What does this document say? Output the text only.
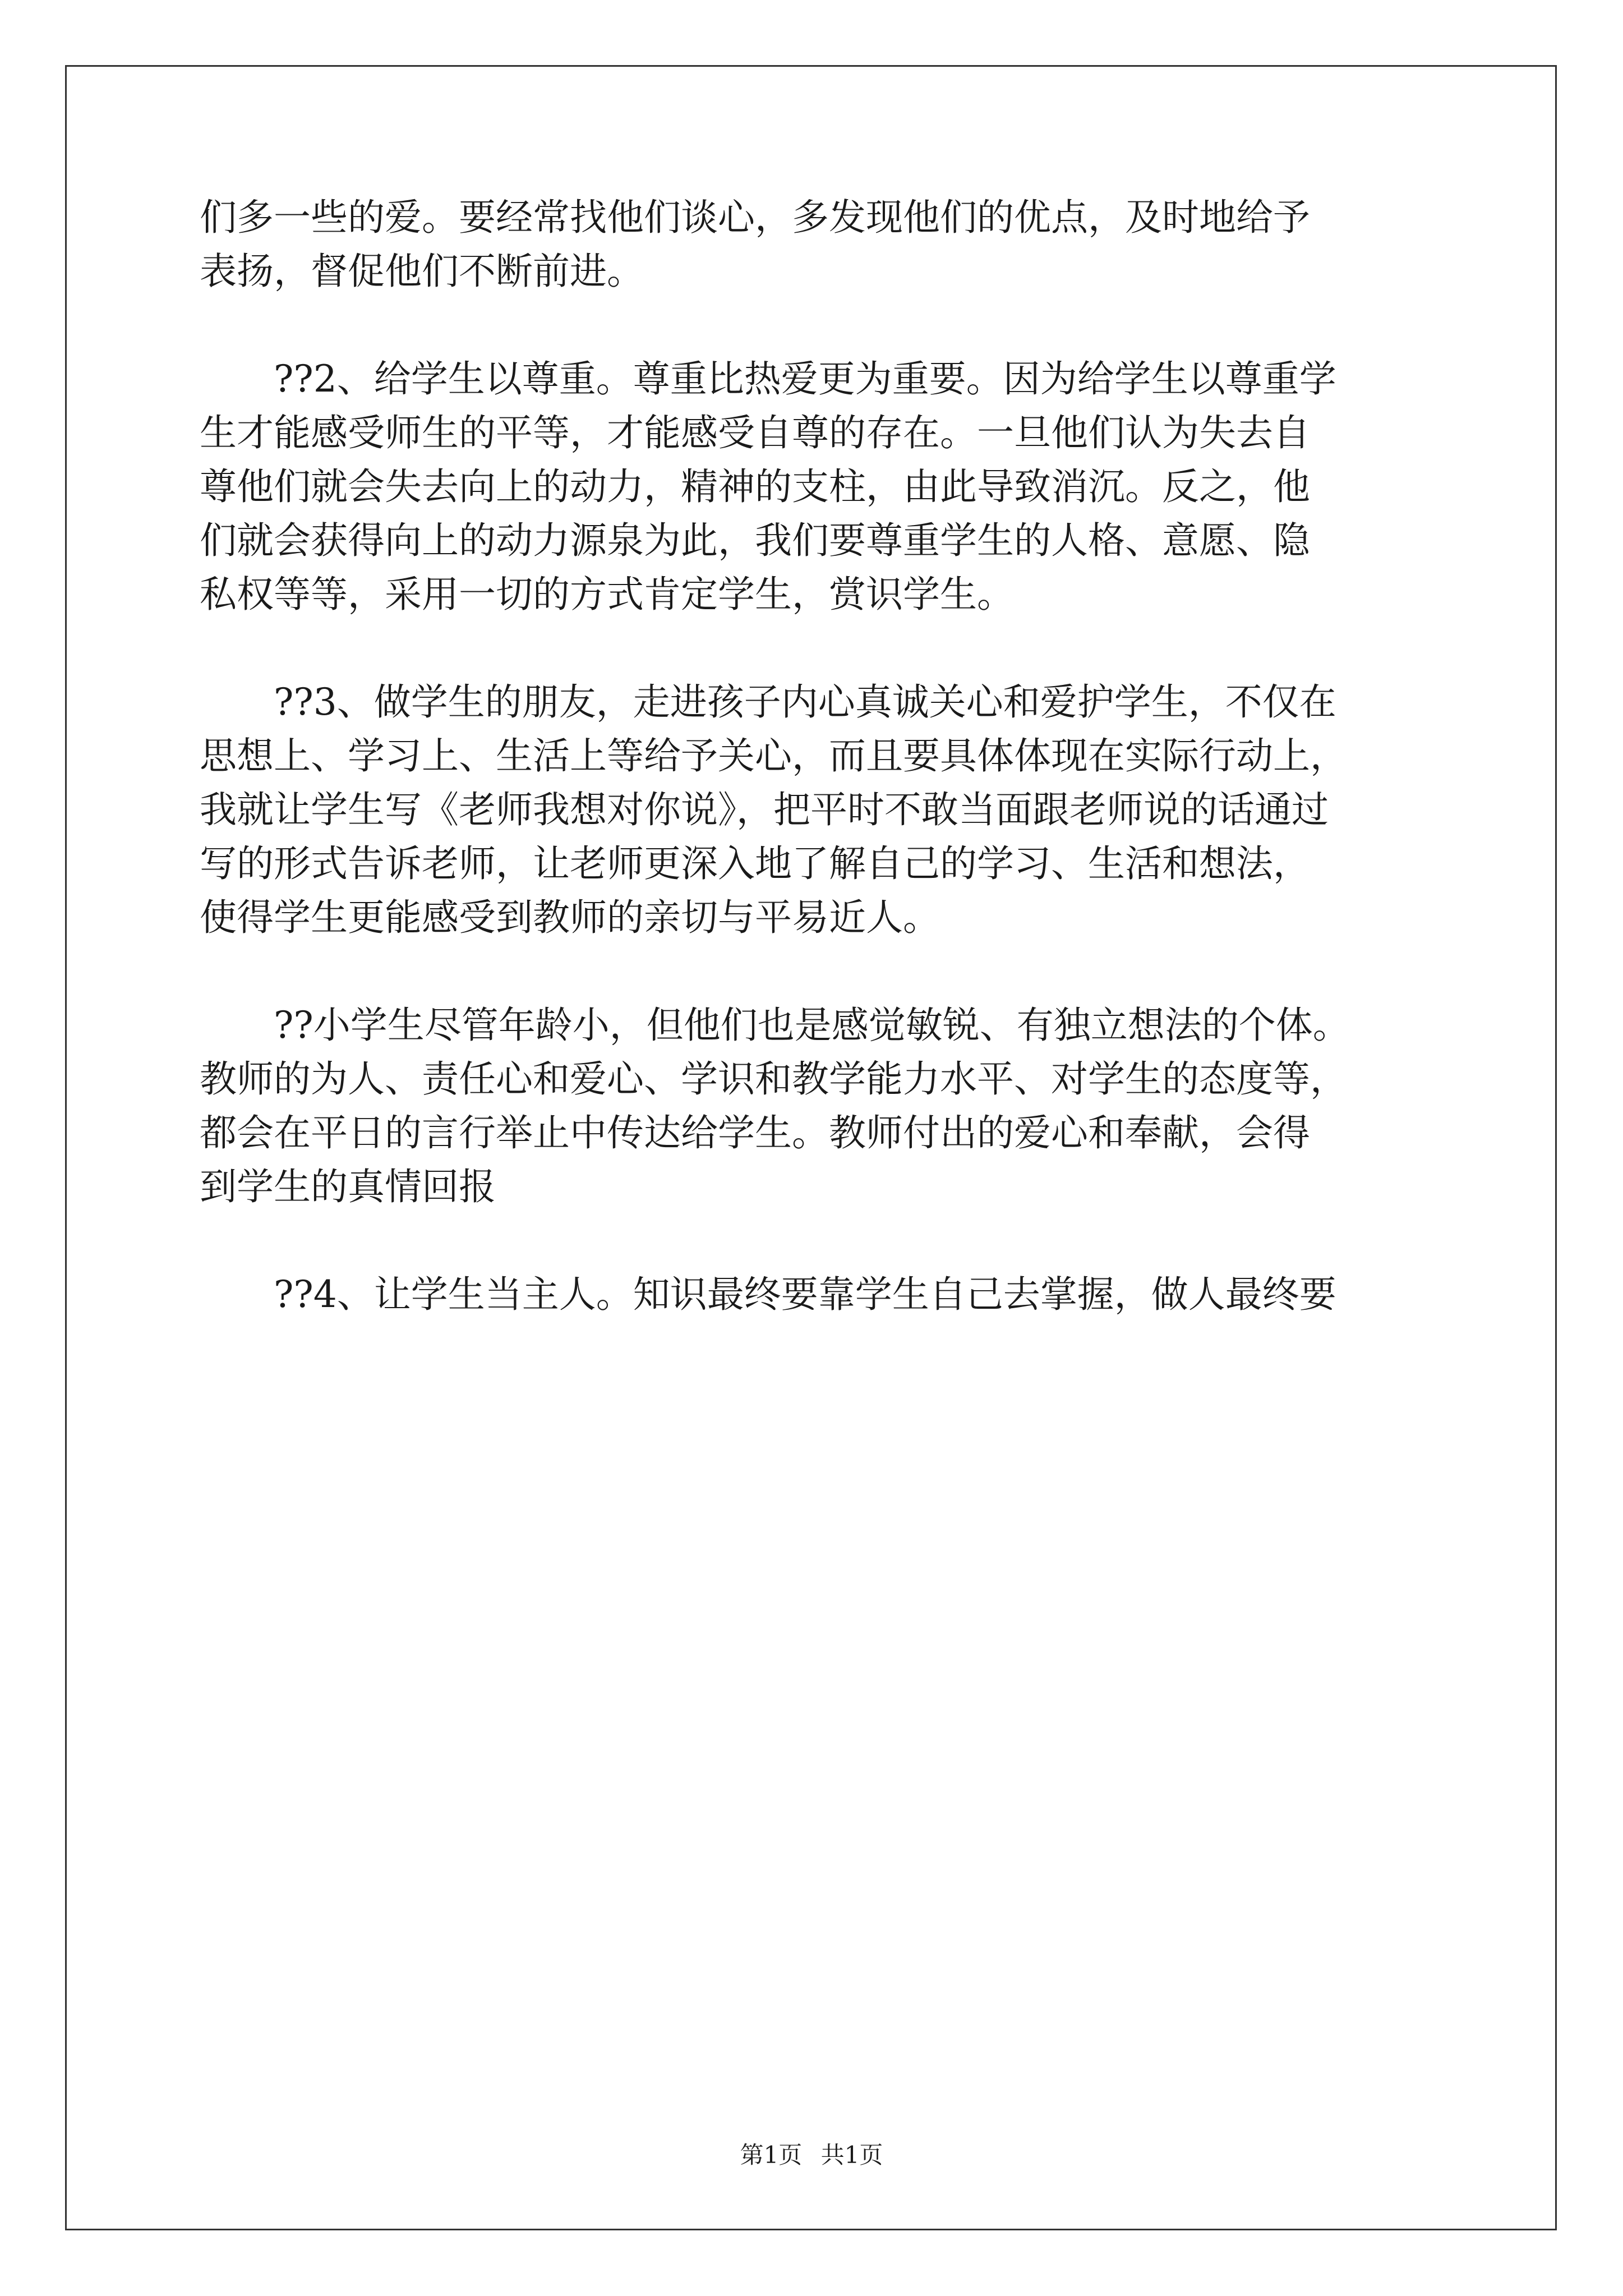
们多一些的爱。要经常找他们谈心，多发现他们的优点，及时地给予
表扬，督促他们不断前进。
??2、给学生以尊重。尊重比热爱更为重要。因为给学生以尊重学
生才能感受师生的平等，才能感受自尊的存在。一旦他们认为失去自
尊他们就会失去向上的动力，精神的支柱，由此导致消沉。反之，他
们就会获得向上的动力源泉为此，我们要尊重学生的人格、意愿、隐
私权等等，采用一切的方式肯定学生，赏识学生。
??3、做学生的朋友，走进孩子内心真诚关心和爱护学生，不仅在
思想上、学习上、生活上等给予关心，而且要具体体现在实际行动上，
我就让学生写《老师我想对你说》，把平时不敢当面跟老师说的话通过
写的形式告诉老师，让老师更深入地了解自己的学习、生活和想法，
使得学生更能感受到教师的亲切与平易近人。
??小学生尽管年龄小，但他们也是感觉敏锐、有独立想法的个体。
教师的为人、责任心和爱心、学识和教学能力水平、对学生的态度等，
都会在平日的言行举止中传达给学生。教师付出的爱心和奉献，会得
到学生的真情回报
??4、让学生当主人。知识最终要靠学生自己去掌握，做人最终要
第1页 共1页
